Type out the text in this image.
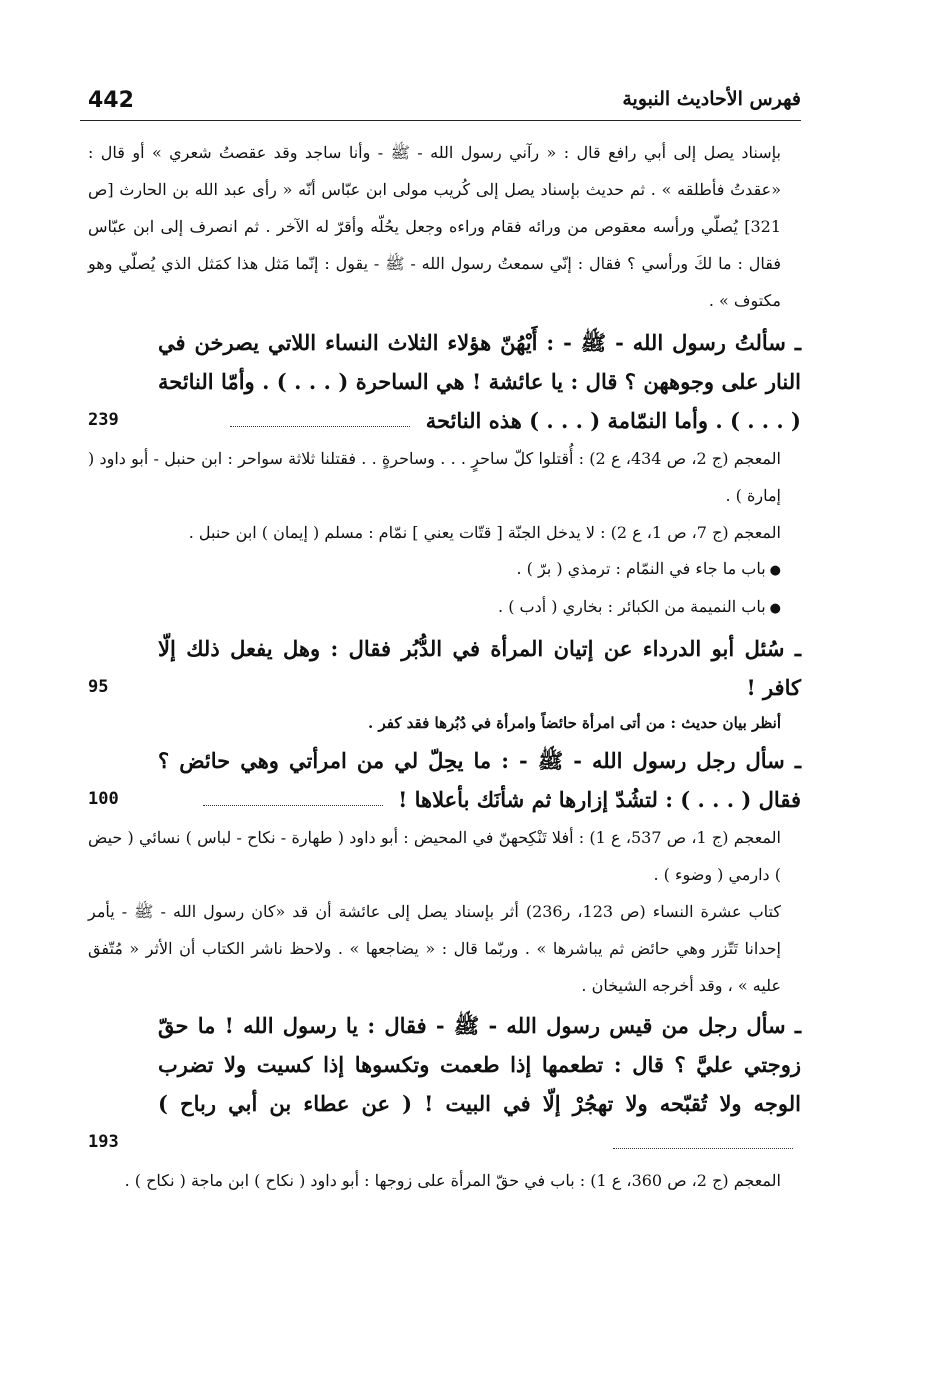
442	فهرس الأحاديث النبوية

بإسناد يصل إلى أبي رافع قال : « رآني رسول الله - ﷺ - وأنا ساجد وقد عقصتُ شعري » أو قال : «عقدتُ فأطلقه » . ثم حديث بإسناد يصل إلى كُريب مولى ابن عبّاس أنّه « رأى عبد الله بن الحارث [ص 321] يُصلّي ورأسه معقوص من ورائه فقام وراءه وجعل يحُلّه وأقرّ له الآخر . ثم انصرف إلى ابن عبّاس فقال : ما لكَ ورأسي ؟ فقال : إنّي سمعتُ رسول الله - ﷺ - يقول : إنّما مَثل هذا كمَثل الذي يُصلّي وهو مكتوف » .

ـ سألتُ رسول الله - ﷺ - : أَيْهُنّ هؤلاء الثلاث النساء اللاتي يصرخن في النار على وجوههن ؟ قال : يا عائشة ! هي الساحرة ( . . . ) . وأمّا النائحة ( . . . ) . وأما النمّامة ( . . . ) هذه النائحة
239

المعجم (ج 2، ص 434، ع 2) : أُقتلوا كلّ ساحرٍ . . . وساحرةٍ . . فقتلنا ثلاثة سواحر : ابن حنبل - أبو داود ( إمارة ) .

المعجم (ج 7، ص 1، ع 2) : لا يدخل الجنّة [ قتّات يعني ] نمّام : مسلم ( إيمان ) ابن حنبل .

●باب ما جاء في النمّام : ترمذي ( برّ ) .

●باب النميمة من الكبائر : بخاري ( أدب ) .

ـ سُئل أبو الدرداء عن إتيان المرأة في الدُّبُر فقال : وهل يفعل ذلك إلّا كافر !
95

أنظر بيان حديث : من أتى امرأة حائضاً وامرأة في دُبُرها فقد كفر .

ـ سأل رجل رسول الله - ﷺ - : ما يحِلّ لي من امرأتي وهي حائض ؟ فقال ( . . . ) : لتشُدّ إزارها ثم شأنَك بأعلاها !
100

المعجم (ج 1، ص 537، ع 1) : أفلا تَنْكِحهنّ في المحيض : أبو داود ( طهارة - نكاح - لباس ) نسائي ( حيض ) دارمي ( وضوء ) .

كتاب عشرة النساء (ص 123، ر236) أثر بإسناد يصل إلى عائشة أن قد «كان رسول الله - ﷺ - يأمر إحدانا تَتّزر وهي حائض ثم يباشرها » . وربّما قال : « يضاجعها » . ولاحظ ناشر الكتاب أن الأثر « مُتّفق عليه » ، وقد أخرجه الشيخان .

ـ سأل رجل من قيس رسول الله - ﷺ - فقال : يا رسول الله ! ما حقّ زوجتي عليَّ ؟ قال : تطعمها إذا طعمت وتكسوها إذا كسيت ولا تضرب الوجه ولا تُقبّحه ولا تهجُرْ إلّا في البيت ! ( عن عطاء بن أبي رباح )
193

المعجم (ج 2، ص 360، ع 1) : باب في حقّ المرأة على زوجها : أبو داود ( نكاح ) ابن ماجة ( نكاح ) .
